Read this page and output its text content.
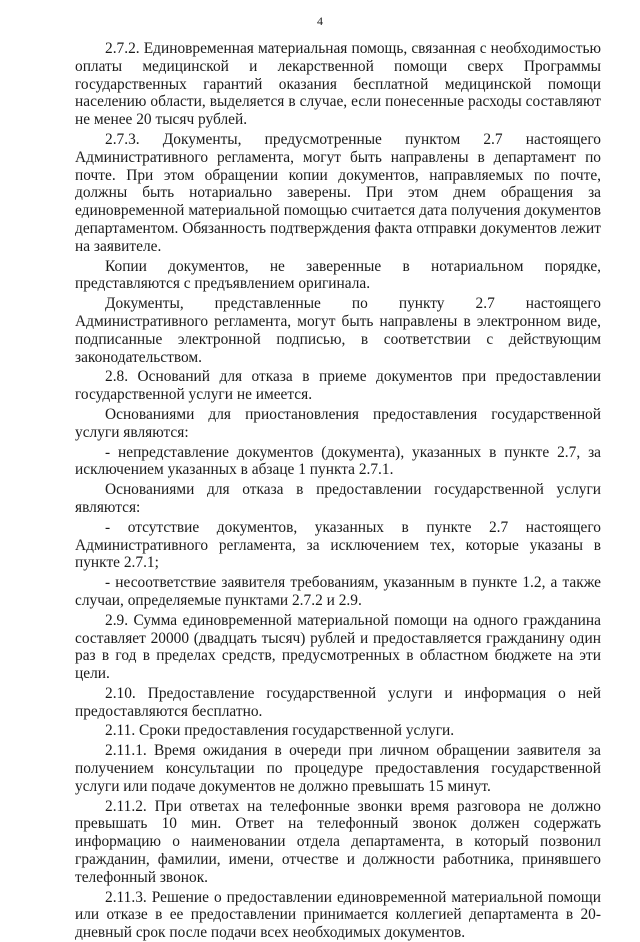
4

2.7.2. Единовременная материальная помощь, связанная с необходимостью оплаты медицинской и лекарственной помощи сверх Программы государственных гарантий оказания бесплатной медицинской помощи населению области, выделяется в случае, если понесенные расходы составляют не менее 20 тысяч рублей.

2.7.3. Документы, предусмотренные пунктом 2.7 настоящего Административного регламента, могут быть направлены в департамент по почте. При этом обращении копии документов, направляемых по почте, должны быть нотариально заверены. При этом днем обращения за единовременной материальной помощью считается дата получения документов департаментом. Обязанность подтверждения факта отправки документов лежит на заявителе.

Копии документов, не заверенные в нотариальном порядке, представляются с предъявлением оригинала.

Документы, представленные по пункту 2.7 настоящего Административного регламента, могут быть направлены в электронном виде, подписанные электронной подписью, в соответствии с действующим законодательством.

2.8. Оснований для отказа в приеме документов при предоставлении государственной услуги не имеется.

Основаниями для приостановления предоставления государственной услуги являются:

- непредставление документов (документа), указанных в пункте 2.7, за исключением указанных в абзаце 1 пункта 2.7.1.

Основаниями для отказа в предоставлении государственной услуги являются:

- отсутствие документов, указанных в пункте 2.7 настоящего Административного регламента, за исключением тех, которые указаны в пункте 2.7.1;

- несоответствие заявителя требованиям, указанным в пункте 1.2, а также случаи, определяемые пунктами 2.7.2 и 2.9.

2.9. Сумма единовременной материальной помощи на одного гражданина составляет 20000 (двадцать тысяч) рублей и предоставляется гражданину один раз в год в пределах средств, предусмотренных в областном бюджете на эти цели.

2.10. Предоставление государственной услуги и информация о ней предоставляются бесплатно.

2.11. Сроки предоставления государственной услуги.

2.11.1. Время ожидания в очереди при личном обращении заявителя за получением консультации по процедуре предоставления государственной услуги или подаче документов не должно превышать 15 минут.

2.11.2. При ответах на телефонные звонки время разговора не должно превышать 10 мин. Ответ на телефонный звонок должен содержать информацию о наименовании отдела департамента, в который позвонил гражданин, фамилии, имени, отчестве и должности работника, принявшего телефонный звонок.

2.11.3. Решение о предоставлении единовременной материальной помощи или отказе в ее предоставлении принимается коллегией департамента в 20-дневный срок после подачи всех необходимых документов.
